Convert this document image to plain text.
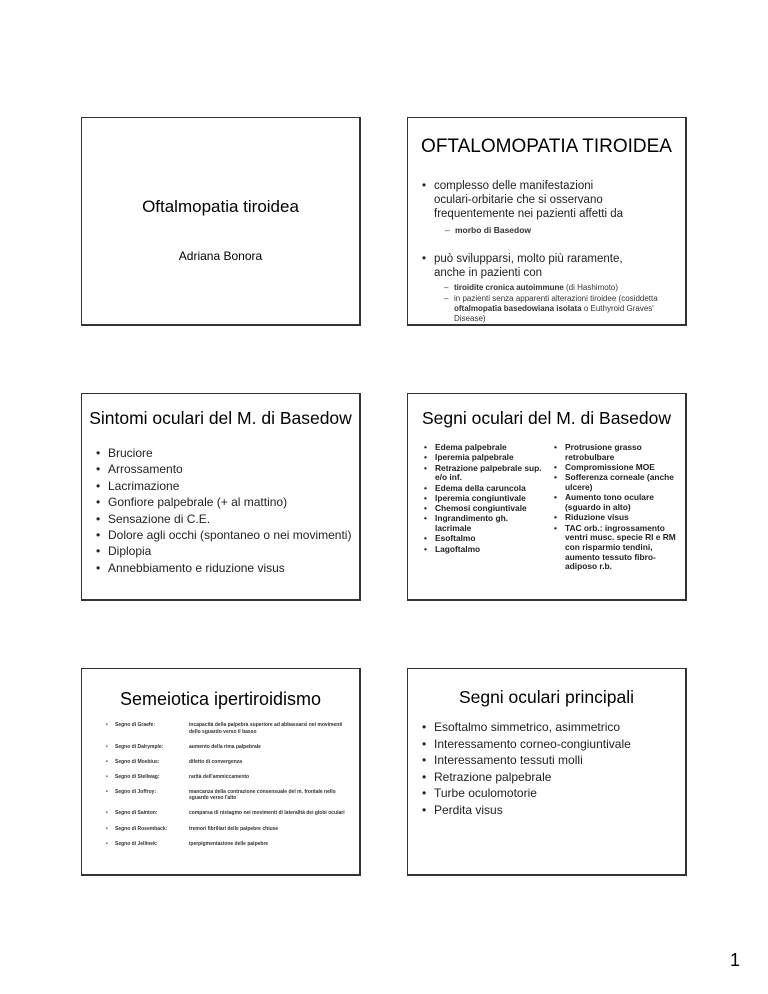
Oftalmopatia tiroidea
Adriana Bonora
OFTALOMOPATIA TIROIDEA
• complesso delle manifestazioni
oculari-orbitarie che si osservano
frequentemente nei pazienti affetti da
– morbo di Basedow
• può svilupparsi, molto più raramente,
anche in pazienti con
– tiroidite cronica autoimmune (di Hashimoto)
– in pazienti senza apparenti alterazioni tiroidee (cosiddetta
oftalmopatia basedowiana isolata o Euthyroid Graves'
Disease)
Sintomi oculari del M. di Basedow
• Bruciore
• Arrossamento
• Lacrimazione
• Gonfiore palpebrale (+ al mattino)
• Sensazione di C.E.
• Dolore agli occhi (spontaneo o nei movimenti)
• Diplopia
• Annebbiamento e riduzione visus
Segni oculari del M. di Basedow
• Edema palpebrale
• Iperemia palpebrale
• Retrazione palpebrale sup. e/o inf.
• Edema della caruncola
• Iperemia congiuntivale
• Chemosi congiuntivale
• Ingrandimento gh. lacrimale
• Esoftalmo
• Lagoftalmo
• Protrusione grasso retrobulbare
• Compromissione MOE
• Sofferenza corneale (anche ulcere)
• Aumento tono oculare (sguardo in alto)
• Riduzione visus
• TAC orb.: ingrossamento ventri musc. specie RI e RM con risparmio tendini, aumento tessuto fibro-adiposo r.b.
Semeiotica ipertiroidismo
•	Segno di Graefe:	incapacità della palpebra superiore ad abbassarsi nei movimenti dello sguardo verso il basso
•	Segno di Dalrymple:	aumento della rima palpebrale
•	Segno di Moebius:	difetto di convergenza
•	Segno di Stellwag:	rarità dell'ammiccamento
•	Segno di Joffroy:	mancanza della contrazione consensuale del m. frontale nello sguardo verso l'alto
•	Segno di Sainton:	comparsa di nistagmo nei movimenti di lateralità dei globi oculari
•	Segno di Rosemback:	tremori fibrillari delle palpebre chiuse
•	Segno di Jellinek:	iperpigmentazione delle palpebre
Segni oculari principali
• Esoftalmo simmetrico, asimmetrico
• Interessamento corneo-congiuntivale
• Interessamento tessuti molli
• Retrazione palpebrale
• Turbe oculomotorie
• Perdita visus
1
